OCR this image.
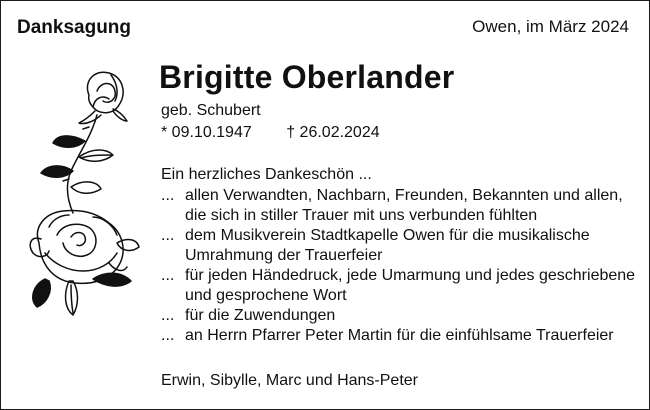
Danksagung	Owen, im März 2024
Brigitte Oberlander
geb. Schubert
* 09.10.1947 † 26.02.2024
Ein herzliches Dankeschön ...
... allen Verwandten, Nachbarn, Freunden, Bekannten und allen,
die sich in stiller Trauer mit uns verbunden fühlten
... dem Musikverein Stadtkapelle Owen für die musikalische
Umrahmung der Trauerfeier
... für jeden Händedruck, jede Umarmung und jedes geschriebene
und gesprochene Wort
... für die Zuwendungen
... an Herrn Pfarrer Peter Martin für die einfühlsame Trauerfeier
Erwin, Sibylle, Marc und Hans-Peter
